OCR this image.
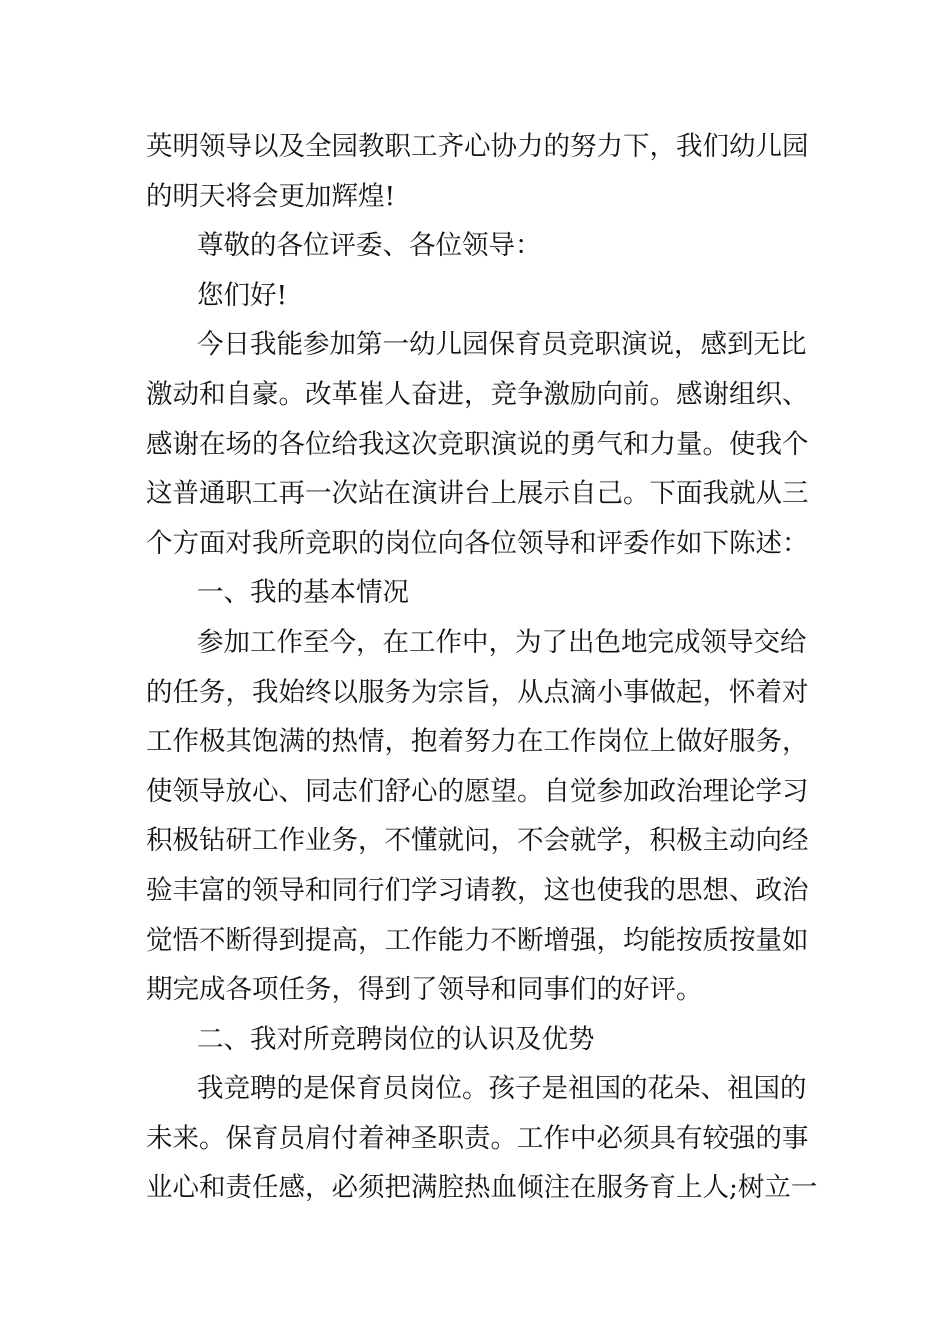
英明领导以及全园教职工齐心协力的努力下，我们幼儿园
的明天将会更加辉煌!
尊敬的各位评委、各位领导：
您们好!
今日我能参加第一幼儿园保育员竞职演说，感到无比
激动和自豪。改革崔人奋进，竞争激励向前。感谢组织、
感谢在场的各位给我这次竞职演说的勇气和力量。使我个
这普通职工再一次站在演讲台上展示自己。下面我就从三
个方面对我所竞职的岗位向各位领导和评委作如下陈述：
一、我的基本情况
参加工作至今，在工作中，为了出色地完成领导交给
的任务，我始终以服务为宗旨，从点滴小事做起，怀着对
工作极其饱满的热情，抱着努力在工作岗位上做好服务，
使领导放心、同志们舒心的愿望。自觉参加政治理论学习
积极钻研工作业务，不懂就问，不会就学，积极主动向经
验丰富的领导和同行们学习请教，这也使我的思想、政治
觉悟不断得到提高，工作能力不断增强，均能按质按量如
期完成各项任务，得到了领导和同事们的好评。
二、我对所竞聘岗位的认识及优势
我竞聘的是保育员岗位。孩子是祖国的花朵、祖国的
未来。保育员肩付着神圣职责。工作中必须具有较强的事
业心和责任感，必须把满腔热血倾注在服务育上人;树立一
